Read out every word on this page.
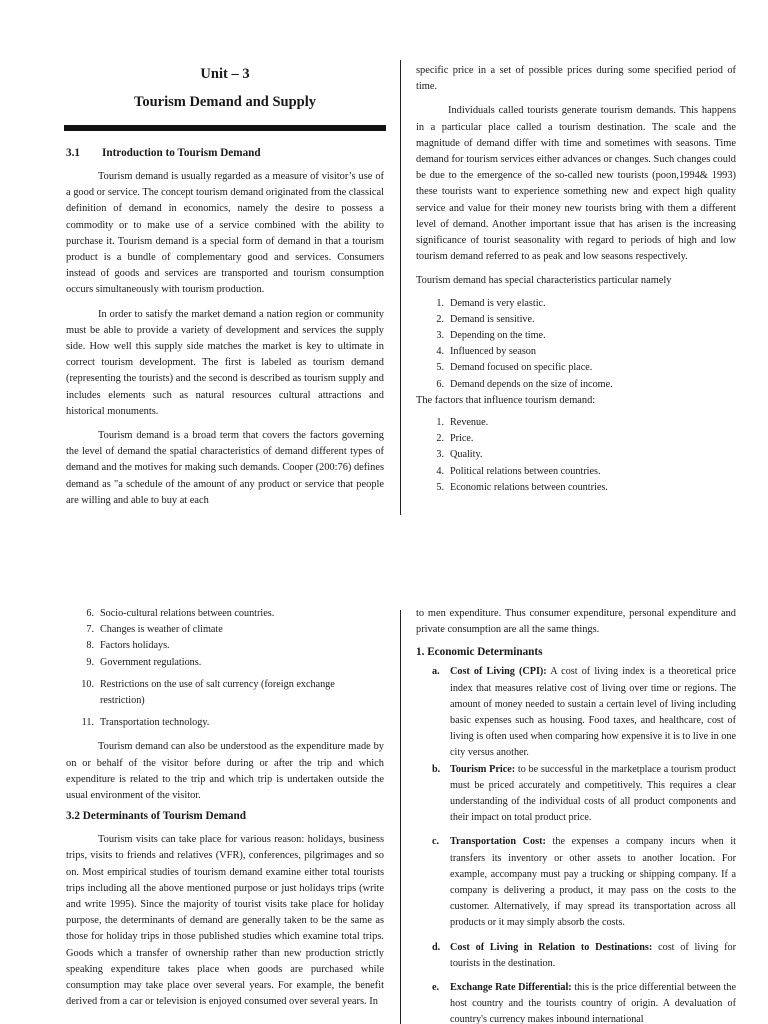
Unit – 3
Tourism Demand and Supply
3.1 Introduction to Tourism Demand

Tourism demand is usually regarded as a measure of visitor’s use of a good or service. The concept tourism demand originated from the classical definition of demand in economics, namely the desire to possess a commodity or to make use of a service combined with the ability to purchase it. Tourism demand is a special form of demand in that a tourism product is a bundle of complementary good and services. Consumers instead of goods and services are transported and tourism consumption occurs simultaneously with tourism production.

In order to satisfy the market demand a nation region or community must be able to provide a variety of development and services the supply side. How well this supply side matches the market is key to ultimate in correct tourism development. The first is labeled as tourism demand (representing the tourists) and the second is described as tourism supply and includes elements such as natural resources cultural attractions and historical monuments.

Tourism demand is a broad term that covers the factors governing the level of demand the spatial characteristics of demand different types of demand and the motives for making such demands. Cooper (200:76) defines demand as "a schedule of the amount of any product or service that people are willing and able to buy at each

specific price in a set of possible prices during some specified period of time.

Individuals called tourists generate tourism demands. This happens in a particular place called a tourism destination. The scale and the magnitude of demand differ with time and sometimes with seasons. Time demand for tourism services either advances or changes. Such changes could be due to the emergence of the so-called new tourists (poon,1994& 1993) these tourists want to experience something new and expect high quality service and value for their money new tourists bring with them a different level of demand. Another important issue that has arisen is the increasing significance of tourist seasonality with regard to periods of high and low tourism demand referred to as peak and low seasons respectively.

Tourism demand has special characteristics particular namely

1. Demand is very elastic.
2. Demand is sensitive.
3. Depending on the time.
4. Influenced by season
5. Demand focused on specific place.
6. Demand depends on the size of income.

The factors that influence tourism demand:

1. Revenue.
2. Price.
3. Quality.
4. Political relations between countries.
5. Economic relations between countries.
6. Socio-cultural relations between countries.
7. Changes is weather of climate
8. Factors holidays.
9. Government regulations.
10. Restrictions on the use of salt currency (foreign exchange restriction)
11. Transportation technology.

Tourism demand can also be understood as the expenditure made by on or behalf of the visitor before during or after the trip and which expenditure is related to the trip and which trip is undertaken outside the usual environment of the visitor.

3.2 Determinants of Tourism Demand

Tourism visits can take place for various reason: holidays, business trips, visits to friends and relatives (VFR), conferences, pilgrimages and so on. Most empirical studies of tourism demand examine either total tourists trips including all the above mentioned purpose or just holidays trips (write and write 1995). Since the majority of tourist visits take place for holiday purpose, the determinants of demand are generally taken to be the same as those for holiday trips in those published studies which examine total trips. Goods which a transfer of ownership rather than new production strictly speaking expenditure takes place when goods are purchased while consumption may take place over several years. For example, the benefit derived from a car or television is enjoyed consumed over several years. In

to men expenditure. Thus consumer expenditure, personal expenditure and private consumption are all the same things.

1. Economic Determinants
a. Cost of Living (CPI): A cost of living index is a theoretical price index that measures relative cost of living over time or regions. The amount of money needed to sustain a certain level of living including basic expenses such as housing. Food taxes, and healthcare, cost of living is often used when comparing how expensive it is to live in one city versus another.
b. Tourism Price: to be successful in the marketplace a tourism product must be priced accurately and competitively. This requires a clear understanding of the individual costs of all product components and their impact on total product price.
c. Transportation Cost: the expenses a company incurs when it transfers its inventory or other assets to another location. For example, accompany must pay a trucking or shipping company. If a company is delivering a product, it may pass on the costs to the customer. Alternatively, if may spread its transportation across all products or it may simply absorb the costs.
d. Cost of Living in Relation to Destinations: cost of living for tourists in the destination.
e. Exchange Rate Differential: this is the price differential between the host country and the tourists country of origin. A devaluation of country's currency makes inbound international
